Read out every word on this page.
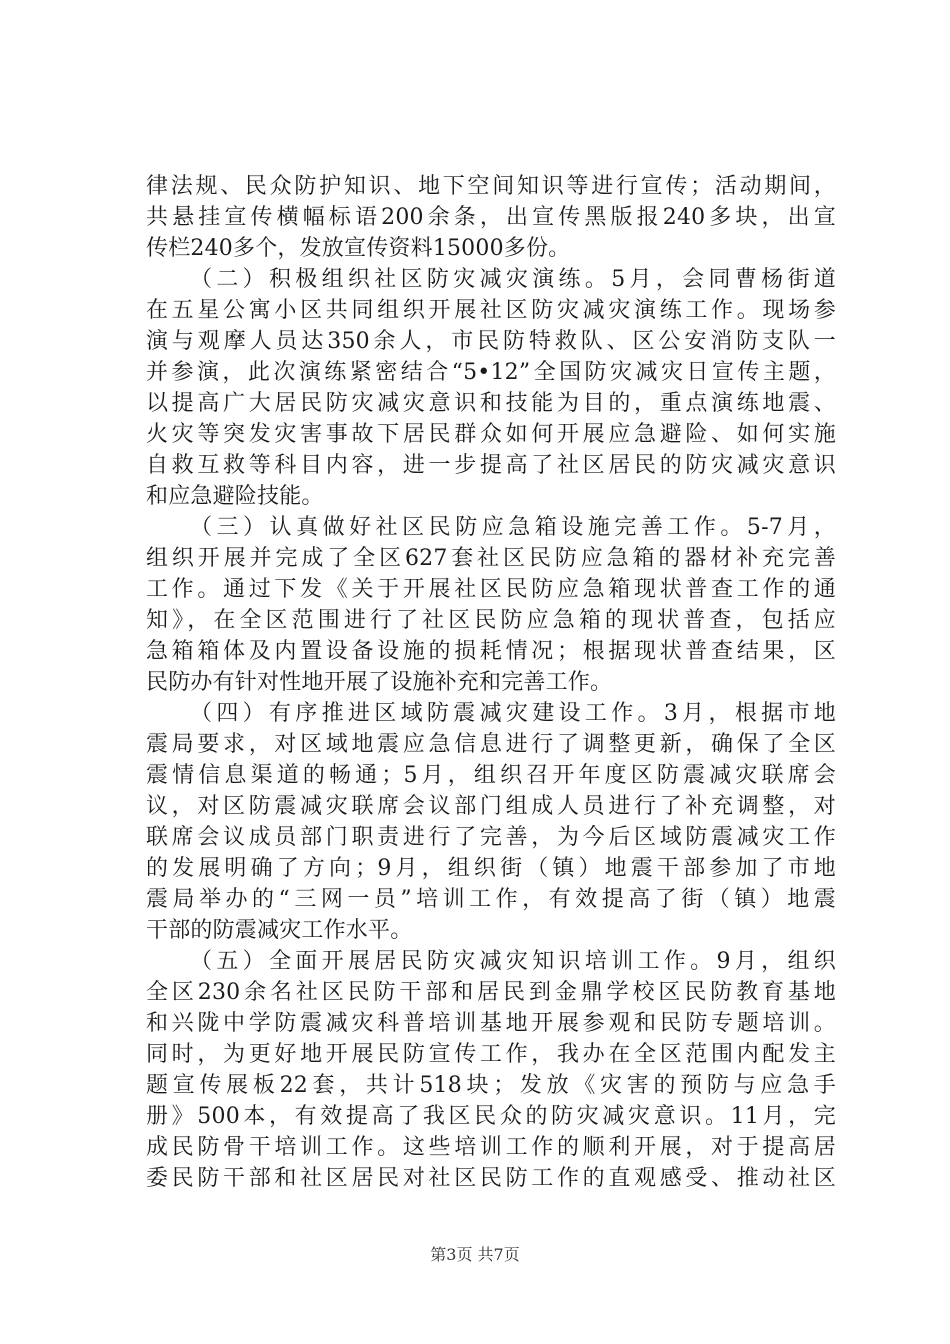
律法规、民众防护知识、地下空间知识等进行宣传；活动期间，
共悬挂宣传横幅标语200余条，出宣传黑版报240多块，出宣
传栏240多个，发放宣传资料15000多份。
（二）积极组织社区防灾减灾演练。5月，会同曹杨街道
在五星公寓小区共同组织开展社区防灾减灾演练工作。现场参
演与观摩人员达350余人，市民防特救队、区公安消防支队一
并参演，此次演练紧密结合“5•12”全国防灾减灾日宣传主题，
以提高广大居民防灾减灾意识和技能为目的，重点演练地震、
火灾等突发灾害事故下居民群众如何开展应急避险、如何实施
自救互救等科目内容，进一步提高了社区居民的防灾减灾意识
和应急避险技能。
（三）认真做好社区民防应急箱设施完善工作。5-7月，
组织开展并完成了全区627套社区民防应急箱的器材补充完善
工作。通过下发《关于开展社区民防应急箱现状普查工作的通
知》，在全区范围进行了社区民防应急箱的现状普查，包括应
急箱箱体及内置设备设施的损耗情况；根据现状普查结果，区
民防办有针对性地开展了设施补充和完善工作。
（四）有序推进区域防震减灾建设工作。3月，根据市地
震局要求，对区域地震应急信息进行了调整更新，确保了全区
震情信息渠道的畅通；5月，组织召开年度区防震减灾联席会
议，对区防震减灾联席会议部门组成人员进行了补充调整，对
联席会议成员部门职责进行了完善，为今后区域防震减灾工作
的发展明确了方向；9月，组织街（镇）地震干部参加了市地
震局举办的“三网一员”培训工作，有效提高了街（镇）地震
干部的防震减灾工作水平。
（五）全面开展居民防灾减灾知识培训工作。9月，组织
全区230余名社区民防干部和居民到金鼎学校区民防教育基地
和兴陇中学防震减灾科普培训基地开展参观和民防专题培训。
同时，为更好地开展民防宣传工作，我办在全区范围内配发主
题宣传展板22套，共计518块；发放《灾害的预防与应急手
册》500本，有效提高了我区民众的防灾减灾意识。11月，完
成民防骨干培训工作。这些培训工作的顺利开展，对于提高居
委民防干部和社区居民对社区民防工作的直观感受、推动社区
第3页 共7页
